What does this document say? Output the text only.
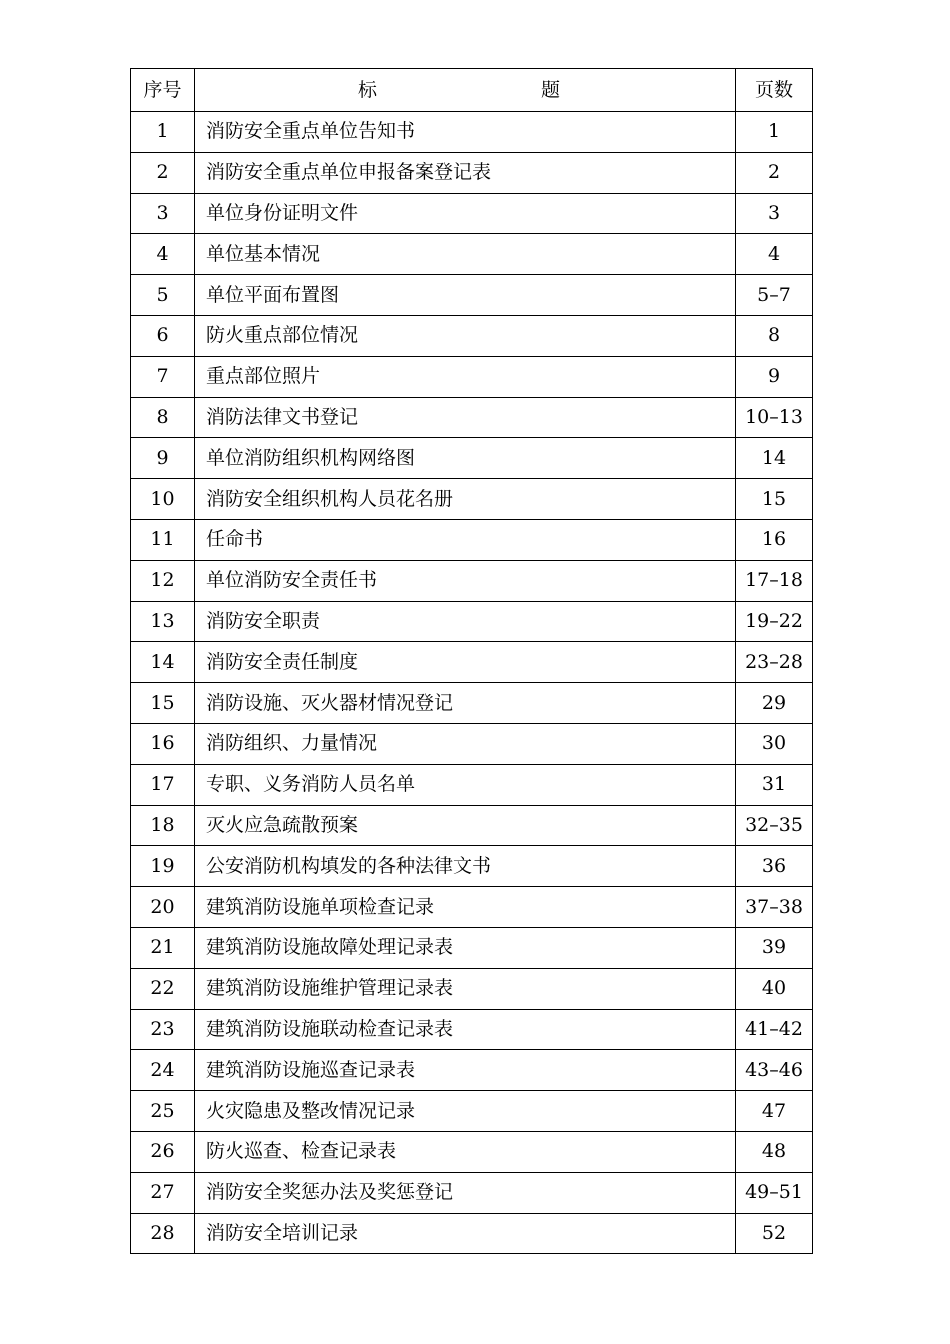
序号	标 题	页数
1	消防安全重点单位告知书	1
2	消防安全重点单位申报备案登记表	2
3	单位身份证明文件	3
4	单位基本情况	4
5	单位平面布置图	5–7
6	防火重点部位情况	8
7	重点部位照片	9
8	消防法律文书登记	10–13
9	单位消防组织机构网络图	14
10	消防安全组织机构人员花名册	15
11	任命书	16
12	单位消防安全责任书	17–18
13	消防安全职责	19–22
14	消防安全责任制度	23–28
15	消防设施、灭火器材情况登记	29
16	消防组织、力量情况	30
17	专职、义务消防人员名单	31
18	灭火应急疏散预案	32–35
19	公安消防机构填发的各种法律文书	36
20	建筑消防设施单项检查记录	37–38
21	建筑消防设施故障处理记录表	39
22	建筑消防设施维护管理记录表	40
23	建筑消防设施联动检查记录表	41–42
24	建筑消防设施巡查记录表	43–46
25	火灾隐患及整改情况记录	47
26	防火巡查、检查记录表	48
27	消防安全奖惩办法及奖惩登记	49–51
28	消防安全培训记录	52
